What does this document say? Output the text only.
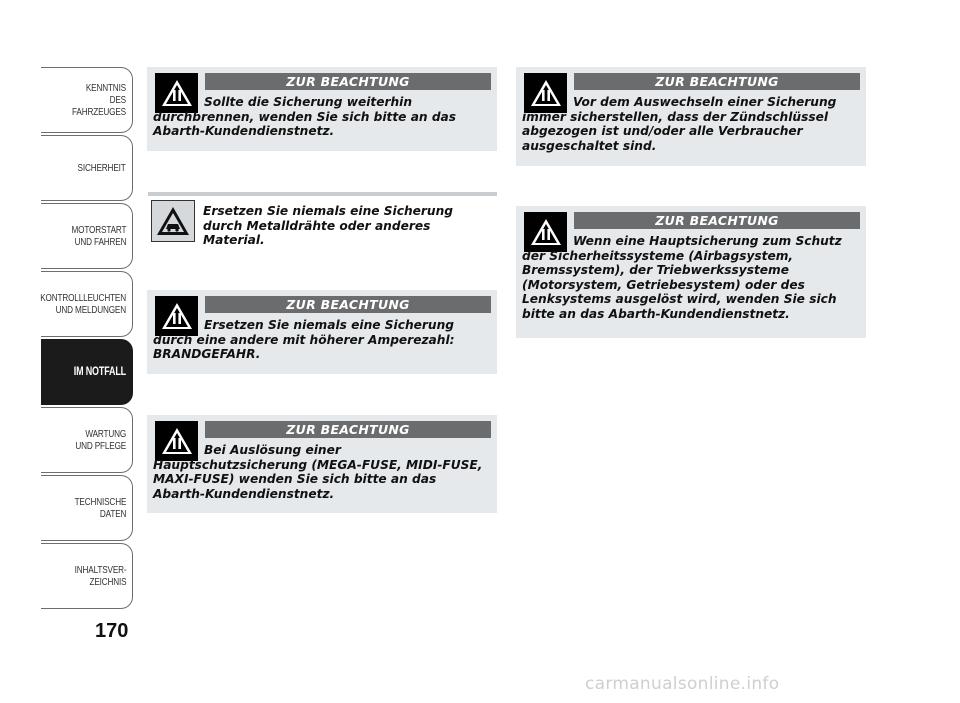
KENNTNIS
DES FAHRZEUGES
SICHERHEIT
MOTORSTART
UND FAHREN
KONTROLLLEUCHTEN
UND MELDUNGEN
IM NOTFALL
WARTUNG
UND PFLEGE
TECHNISCHE
DATEN
INHALTSVER-
ZEICHNIS
170
ZUR BEACHTUNG

Sollte die Sicherung weiterhin durchbrennen, wenden Sie sich bitte an das Abarth-Kundendienstnetz.

Ersetzen Sie niemals eine Sicherung durch Metalldrähte oder anderes Material.

ZUR BEACHTUNG

Ersetzen Sie niemals eine Sicherung durch eine andere mit höherer Amperezahl: BRANDGEFAHR.

ZUR BEACHTUNG

Bei Auslösung einer Hauptschutzsicherung (MEGA-FUSE, MIDI-FUSE, MAXI-FUSE) wenden Sie sich bitte an das Abarth-Kundendienstnetz.

ZUR BEACHTUNG

Vor dem Auswechseln einer Sicherung immer sicherstellen, dass der Zündschlüssel abgezogen ist und/oder alle Verbraucher ausgeschaltet sind.

ZUR BEACHTUNG

Wenn eine Hauptsicherung zum Schutz der Sicherheitssysteme (Airbagsystem, Bremssystem), der Triebwerkssysteme (Motorsystem, Getriebesystem) oder des Lenksystems ausgelöst wird, wenden Sie sich bitte an das Abarth-Kundendienstnetz.

carmanualsonline.info
